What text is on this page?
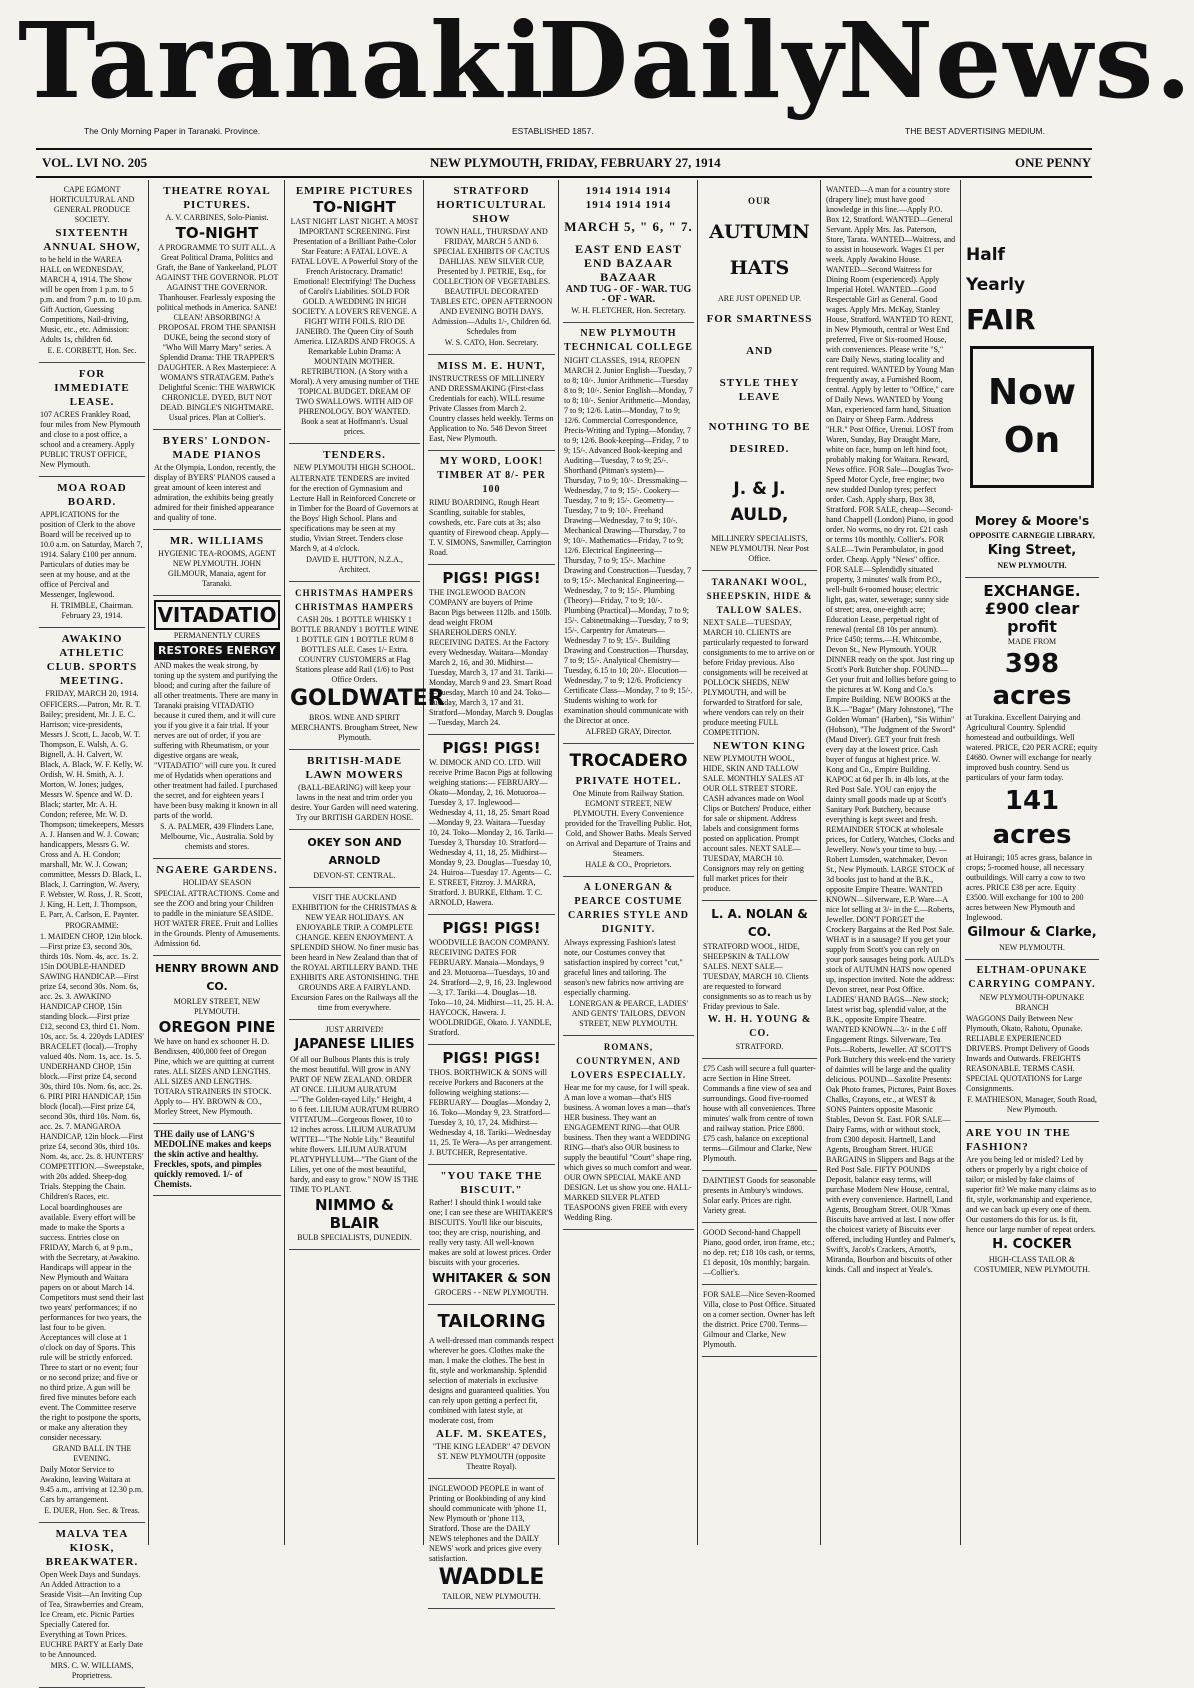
Taranaki
Daily
News.
The Only Morning Paper in Taranaki. Province.	ESTABLISHED 1857.	THE BEST ADVERTISING MEDIUM.
VOL. LVI NO. 205	NEW PLYMOUTH, FRIDAY, FEBRUARY 27, 1914	ONE PENNY

CAPE EGMONT HORTICULTURAL AND GENERAL PRODUCE SOCIETY.

SIXTEENTH ANNUAL SHOW,

to be held in the WAREA HALL on WEDNESDAY, MARCH 4, 1914. The Show will be open from 1 p.m. to 5 p.m. and from 7 p.m. to 10 p.m. Gift Auction, Guessing Competitions, Nail-driving, Music, etc., etc. Admission: Adults 1s, children 6d.

E. E. CORBETT, Hon. Sec.

FOR IMMEDIATE LEASE.

107 ACRES Frankley Road, four miles from New Plymouth and close to a post office, a school and a creamery. Apply PUBLIC TRUST OFFICE, New Plymouth.

MOA ROAD BOARD.

APPLICATIONS for the position of Clerk to the above Board will be received up to 10.0 a.m. on Saturday, March 7, 1914. Salary £100 per annum. Particulars of duties may be seen at my house, and at the office of Percival and Messenger, Inglewood.

H. TRIMBLE, Chairman. February 23, 1914.

AWAKINO ATHLETIC CLUB. SPORTS MEETING.

FRIDAY, MARCH 20, 1914.

OFFICERS.—Patron, Mr. R. T. Bailey; president, Mr. J. E. C. Harrison; vice-presidents, Messrs J. Scott, L. Jacob, W. T. Thompson, E. Walsh, A. G. Bignell, A. H. Calvert, W. Black, A. Black, W. F. Kelly, W. Ordish, W. H. Smith, A. J. Morton, W. Jones; judges, Messrs W. Spence and W. D. Black; starter, Mr. A. H. Condon; referee, Mr. W. D. Thompson; timekeepers, Messrs A. J. Hansen and W. J. Cowan; handicappers, Messrs G. W. Cross and A. H. Condon; marshall, Mr. W. J. Cowan; committee, Messrs D. Black, L. Black, J. Carrington, W. Avery, F. Webster, W. Ross, J. R. Scott, J. King, H. Lett, J. Thompson, E. Parr, A. Carlson, E. Paynter.

PROGRAMME:

1. MAIDEN CHOP, 12in block.—First prize £3, second 30s, thirds 10s. Nom. 4s, acc. 1s. 2. 15in DOUBLE-HANDED SAWING HANDICAP.—First prize £4, second 30s. Nom. 6s, acc. 2s. 3. AWAKINO HANDICAP CHOP, 15in standing block.—First prize £12, second £3, third £1. Nom. 10s, acc. 5s. 4. 220yds LADIES' BRACELET (local).—Trophy valued 40s. Nom. 1s, acc. 1s. 5. UNDERHAND CHOP, 15in block.—First prize £4, second 30s, third 10s. Nom. 6s, acc. 2s. 6. PIRI PIRI HANDICAP, 15in block (local).—First prize £4, second 30s, third 10s. Nom. 6s, acc. 2s. 7. MANGAROA HANDICAP, 12in block.—First prize £4, second 30s, third 10s. Nom. 4s, acc. 2s. 8. HUNTERS' COMPETITION.—Sweepstake, with 20s added. Sheep-dog Trials. Stepping the Chain. Children's Races, etc.

Local boardinghouses are available. Every effort will be made to make the Sports a success. Entries close on FRIDAY, March 6, at 9 p.m., with the Secretary, at Awakino. Handicaps will appear in the New Plymouth and Waitara papers on or about March 14. Competitors must send their last two years' performances; if no performances for two years, the last four to be given. Acceptances will close at 1 o'clock on day of Sports. This rule will be strictly enforced. Three to start or no event; four or no second prize; and five or no third prize. A gun will be fired five minutes before each event. The Committee reserve the right to postpone the sports, or make any alteration they consider necessary.

GRAND BALL IN THE EVENING.

Daily Motor Service to Awakino, leaving Waitara at 9.45 a.m., arriving at 12.30 p.m. Cars by arrangement.

E. DUER, Hon. Sec. & Treas.

MALVA TEA KIOSK, BREAKWATER.

Open Week Days and Sundays. An Added Attraction to a Seaside Visit—An Inviting Cup of Tea, Strawberries and Cream, Ice Cream, etc. Picnic Parties Specially Catered for. Everything at Town Prices. EUCHRE PARTY at Early Date to be Announced.

MRS. C. W. WILLIAMS, Proprietress.

THEATRE ROYAL PICTURES.

A. V. CARBINES, Solo-Pianist.

TO-NIGHT

A PROGRAMME TO SUIT ALL. A Great Political Drama, Politics and Graft, the Bane of Yankeeland, PLOT AGAINST THE GOVERNOR. PLOT AGAINST THE GOVERNOR. Thanhouser. Fearlessly exposing the political methods in America. SANE! CLEAN! ABSORBING! A PROPOSAL FROM THE SPANISH DUKE, being the second story of "Who Will Marry Mary" series. A Splendid Drama: THE TRAPPER'S DAUGHTER. A Rex Masterpiece: A WOMAN'S STRATAGEM. Pathe's Delightful Scenic: THE WARWICK CHRONICLE. DYED, BUT NOT DEAD. BINGLE'S NIGHTMARE. Usual prices. Plan at Collier's.

BYERS' LONDON-MADE PIANOS

At the Olympia, London, recently, the display of BYERS' PIANOS caused a great amount of keen interest and admiration, the exhibits being greatly admired for their finished appearance and quality of tone.

MR. WILLIAMS

HYGIENIC TEA-ROOMS, AGENT NEW PLYMOUTH. JOHN GILMOUR, Manaia, agent for Taranaki.

VITADATIO

PERMANENTLY CURES

RESTORES ENERGY

AND makes the weak strong, by toning up the system and purifying the blood; and curing after the failure of all other treatments. There are many in Taranaki praising VITADATIO because it cured them, and it will cure you if you give it a fair trial. If your nerves are out of order, if you are suffering with Rheumatism, or your digestive organs are weak, "VITADATIO" will cure you. It cured me of Hydatids when operations and other treatment had failed. I purchased the secret, and for eighteen years I have been busy making it known in all parts of the world.

S. A. PALMER, 439 Flinders Lane, Melbourne, Vic., Australia. Sold by chemists and stores.

NGAERE GARDENS.

HOLIDAY SEASON

SPECIAL ATTRACTIONS. Come and see the ZOO and bring your Children to paddle in the miniature SEASIDE. HOT WATER FREE. Fruit and Lollies in the Grounds. Plenty of Amusements. Admission 6d.

HENRY BROWN AND CO.

MORLEY STREET, NEW PLYMOUTH.

OREGON PINE

We have on hand ex schooner H. D. Bendixsen, 400,000 feet of Oregon Pine, which we are quitting at current rates. ALL SIZES AND LENGTHS. ALL SIZES AND LENGTHS. TOTARA STRAINERS IN STOCK. Apply to— HY. BROWN & CO., Morley Street, New Plymouth.

THE daily use of LANG'S MEDOLINE makes and keeps the skin active and healthy. Freckles, spots, and pimples quickly removed. 1/- of Chemists.

EMPIRE PICTURES
TO-NIGHT

LAST NIGHT LAST NIGHT. A MOST IMPORTANT SCREENING. First Presentation of a Brilliant Pathe-Color Star Feature: A FATAL LOVE. A FATAL LOVE. A Powerful Story of the French Aristocracy. Dramatic! Emotional! Electrifying! The Duchess of Caroli's Liabilities. SOLD FOR GOLD. A WEDDING IN HIGH SOCIETY. A LOVER'S REVENGE. A FIGHT WITH FOILS. RIO DE JANEIRO. The Queen City of South America. LIZARDS AND FROGS. A Remarkable Lubin Drama: A MOUNTAIN MOTHER. RETRIBUTION. (A Story with a Moral). A very amusing number of THE TOPICAL BUDGET. DREAM OF TWO SWALLOWS. WITH AID OF PHRENOLOGY. BOY WANTED. Book a seat at Hoffmann's. Usual prices.

TENDERS.

NEW PLYMOUTH HIGH SCHOOL.

ALTERNATE TENDERS are invited for the erection of Gymnasium and Lecture Hall in Reinforced Concrete or in Timber for the Board of Governors at the Boys' High School. Plans and specifications may be seen at my studio, Vivian Street. Tenders close March 9, at 4 o'clock.

DAVID E. HUTTON, N.Z.A., Architect.

CHRISTMAS HAMPERS CHRISTMAS HAMPERS

CASH 20s. 1 BOTTLE WHISKY 1 BOTTLE BRANDY 1 BOTTLE WINE 1 BOTTLE GIN 1 BOTTLE RUM 8 BOTTLES ALE. Cases 1/- Extra. COUNTRY CUSTOMERS at Flag Stations please add Rail (1/6) to Post Office Orders.

GOLDWATER

BROS. WINE AND SPIRIT MERCHANTS. Brougham Street, New Plymouth.

BRITISH-MADE LAWN MOWERS

(BALL-BEARING) will keep your lawns in the neat and trim order you desire. Your Garden will need watering. Try our BRITISH GARDEN HOSE.

OKEY SON AND ARNOLD

DEVON-ST. CENTRAL.

VISIT THE AUCKLAND EXHIBITION for the CHRISTMAS & NEW YEAR HOLIDAYS. AN ENJOYABLE TRIP. A COMPLETE CHANGE. KEEN ENJOYMENT. A SPLENDID SHOW. No finer music has been heard in New Zealand than that of the ROYAL ARTILLERY BAND. THE EXHIBITS ARE ASTONISHING. THE GROUNDS ARE A FAIRYLAND. Excursion Fares on the Railways all the time from everywhere.

JUST ARRIVED!

JAPANESE LILIES

Of all our Bulbous Plants this is truly the most beautiful. Will grow in ANY PART OF NEW ZEALAND. ORDER AT ONCE. LILIUM AURATUM—"The Golden-rayed Lily." Height, 4 to 6 feet. LILIUM AURATUM RUBRO VITTATUM—Gorgeous flower, 10 to 12 inches across. LILIUM AURATUM WITTEI—"The Noble Lily." Beautiful white flowers. LILIUM AURATUM PLATYPHYLLUM—"The Giant of the Lilies, yet one of the most beautiful, hardy, and easy to grow." NOW IS THE TIME TO PLANT.

NIMMO & BLAIR

BULB SPECIALISTS, DUNEDIN.

STRATFORD HORTICULTURAL SHOW

TOWN HALL, THURSDAY AND FRIDAY, MARCH 5 AND 6. SPECIAL EXHIBITS OF CACTUS DAHLIAS. NEW SILVER CUP, Presented by J. PETRIE, Esq., for COLLECTION OF VEGETABLES. BEAUTIFUL DECORATED TABLES ETC. OPEN AFTERNOON AND EVENING BOTH DAYS. Admission—Adults 1/-, Children 6d. Schedules from

W. S. CATO, Hon. Secretary.

MISS M. E. HUNT,

INSTRUCTRESS OF MILLINERY AND DRESSMAKING (First-class Credentials for each). WILL resume Private Classes from March 2. Country classes held weekly. Terms on Application to No. 548 Devon Street East, New Plymouth.

MY WORD, LOOK! TIMBER AT 8/- PER 100

RIMU BOARDING, Rough Heart Scantling, suitable for stables, cowsheds, etc. Fare cuts at 3s; also quantity of Firewood cheap. Apply— T. V. SIMONS, Sawmiller, Carrington Road.

PIGS! PIGS!

THE INGLEWOOD BACON COMPANY are buyers of Prime Bacon Pigs between 112lb. and 150lb. dead weight FROM SHAREHOLDERS ONLY. RECEIVING DATES. At the Factory every Wednesday. Waitara—Monday March 2, 16, and 30. Midhirst—Tuesday, March 3, 17 and 31. Tariki—Monday, March 9 and 23. Smart Road—Tuesday, March 10 and 24. Toko—Tuesday, March 3, 17 and 31. Stratford—Monday, March 9. Douglas—Tuesday, March 24.

PIGS! PIGS!

W. DIMOCK AND CO. LTD. Will receive Prime Bacon Pigs at following weighing stations:— FEBRUARY— Okato—Monday, 2, 16. Motuoroa—Tuesday 3, 17. Inglewood—Wednesday 4, 11, 18, 25. Smart Road—Monday 9, 23. Waitara—Tuesday 10, 24. Toko—Monday 2, 16. Tariki—Tuesday 3, Thursday 10. Stratford—Wednesday 4, 11, 18, 25. Midhirst—Monday 9, 23. Douglas—Tuesday 10, 24. Huiroa—Tuesday 17. Agents— C. E. STREET, Fitzroy. J. MARRA, Stratford. J. BURKE, Eltham. T. C. ARNOLD, Hawera.

PIGS! PIGS!

WOODVILLE BACON COMPANY. RECEIVING DATES FOR FEBRUARY. Manaia—Mondays, 9 and 23. Motuoroa—Tuesdays, 10 and 24. Stratford—2, 9, 16, 23. Inglewood—3, 17. Tariki—4. Douglas—18. Toko—10, 24. Midhirst—11, 25. H. A. HAYCOCK, Hawera. J. WOOLDRIDGE, Okato. J. YANDLE, Stratford.

PIGS! PIGS!

THOS. BORTHWICK & SONS will receive Porkers and Baconers at the following weighing stations:— FEBRUARY— Douglas—Monday 2, 16. Toko—Monday 9, 23. Stratford—Tuesday 3, 10, 17, 24. Midhirst—Wednesday 4, 18. Tariki—Wednesday 11, 25. Te Wera—As per arrangement. J. BUTCHER, Representative.

"YOU TAKE THE BISCUIT."

Rather! I should think I would take one; I can see these are WHITAKER'S BISCUITS. You'll like our biscuits, too; they are crisp, nourishing, and really very tasty. All well-known makes are sold at lowest prices. Order biscuits with your groceries.

WHITAKER & SON

GROCERS - - NEW PLYMOUTH.

TAILORING

A well-dressed man commands respect wherever he goes. Clothes make the man. I make the clothes. The best in fit, style and workmanship. Splendid selection of materials in exclusive designs and guaranteed qualities. You can rely upon getting a perfect fit, combined with latest style, at moderate cost, from

ALF. M. SKEATES,

"THE KING LEADER" 47 DEVON ST. NEW PLYMOUTH (opposite Theatre Royal).

INGLEWOOD PEOPLE in want of Printing or Bookbinding of any kind should communicate with 'phone 11, New Plymouth or 'phone 113, Stratford. Those are the DAILY NEWS telephones and the DAILY NEWS' work and prices give every satisfaction.

WADDLE

TAILOR, NEW PLYMOUTH.

1914 1914 1914
1914 1914 1914
MARCH 5, " 6, " 7.
EAST END EAST END BAZAAR BAZAAR

AND TUG - OF - WAR. TUG - OF - WAR.

W. H. FLETCHER, Hon. Secretary.

NEW PLYMOUTH TECHNICAL COLLEGE

NIGHT CLASSES, 1914, REOPEN MARCH 2. Junior English—Tuesday, 7 to 8; 10/-. Junior Arithmetic—Tuesday 8 to 9; 10/-. Senior English—Monday, 7 to 8; 10/-. Senior Arithmetic—Monday, 7 to 9; 12/6. Latin—Monday, 7 to 9; 12/6. Commercial Correspondence, Precis-Writing and Typing—Monday, 7 to 9; 12/6. Book-keeping—Friday, 7 to 9; 15/-. Advanced Book-keeping and Auditing—Tuesday, 7 to 9; 25/-. Shorthand (Pitman's system)—Thursday, 7 to 9; 10/-. Dressmaking—Wednesday, 7 to 9; 15/-. Cookery—Tuesday, 7 to 9; 15/-. Geometry—Tuesday, 7 to 9; 10/-. Freehand Drawing—Wednesday, 7 to 9; 10/-. Mechanical Drawing—Thursday, 7 to 9; 10/-. Mathematics—Friday, 7 to 9; 12/6. Electrical Engineering—Thursday, 7 to 9; 15/-. Machine Drawing and Construction—Tuesday, 7 to 9; 15/-. Mechanical Engineering—Wednesday, 7 to 9; 15/-. Plumbing (Theory)—Friday, 7 to 9; 10/-. Plumbing (Practical)—Monday, 7 to 9; 15/-. Cabinetmaking—Tuesday, 7 to 9; 15/-. Carpentry for Amateurs—Wednesday 7 to 9; 15/-. Building Drawing and Construction—Thursday, 7 to 9; 15/-. Analytical Chemistry—Tuesday, 6.15 to 10; 20/-. Elocution—Wednesday, 7 to 9; 12/6. Proficiency Certificate Class—Monday, 7 to 9; 15/-. Students wishing to work for examination should communicate with the Director at once.

ALFRED GRAY, Director.

TROCADERO
PRIVATE HOTEL.

One Minute from Railway Station. EGMONT STREET, NEW PLYMOUTH. Every Convenience provided for the Travelling Public. Hot, Cold, and Shower Baths. Meals Served on Arrival and Departure of Trains and Steamers.

HALE & CO., Proprietors.

A LONERGAN & PEARCE COSTUME CARRIES STYLE AND DIGNITY.

Always expressing Fashion's latest note, our Costumes convey that satisfaction inspired by correct "cut," graceful lines and tailoring. The season's new fabrics now arriving are especially charming.

LONERGAN & PEARCE, LADIES' AND GENTS' TAILORS, DEVON STREET, NEW PLYMOUTH.

ROMANS, COUNTRYMEN, AND LOVERS ESPECIALLY.

Hear me for my cause, for I will speak. A man love a woman—that's HIS business. A woman loves a man—that's HER business. They want an ENGAGEMENT RING—that OUR business. Then they want a WEDDING RING—that's also OUR business to supply the beautiful "Court" shape ring, which gives so much comfort and wear. OUR OWN SPECIAL MAKE AND DESIGN. Let us show you one. HALL-MARKED SILVER PLATED TEASPOONS given FREE with every Wedding Ring.

OUR
AUTUMN HATS

ARE JUST OPENED UP.

FOR SMARTNESS
AND
STYLE THEY LEAVE
NOTHING TO BE
DESIRED.
J. & J. AULD,

MILLINERY SPECIALISTS, NEW PLYMOUTH. Near Post Office.

TARANAKI WOOL, SHEEPSKIN, HIDE & TALLOW SALES.

NEXT SALE—TUESDAY, MARCH 10. CLIENTS are particularly requested to forward consignments to me to arrive on or before Friday previous. Also consignments will be received at POLLOCK SHEDS, NEW PLYMOUTH, and will be forwarded to Stratford for sale, where vendors can rely on their produce meeting FULL COMPETITION.

NEWTON KING

NEW PLYMOUTH WOOL, HIDE, SKIN AND TALLOW SALE. MONTHLY SALES AT OUR OLL STREET STORE. CASH advances made on Wool Clips or Butchers' Produce, either for sale or shipment. Address labels and consignment forms posted on application. Prompt account sales. NEXT SALE—TUESDAY, MARCH 10. Consignors may rely on getting full market prices for their produce.

L. A. NOLAN & CO.

STRATFORD WOOL, HIDE, SHEEPSKIN & TALLOW SALES. NEXT SALE—TUESDAY, MARCH 10. Clients are requested to forward consignments so as to reach us by Friday previous to Sale.

W. H. H. YOUNG & CO.

STRATFORD.

£75 Cash will secure a full quarter-acre Section in Hine Street. Commands a fine view of sea and surroundings. Good five-roomed house with all conveniences. Three minutes' walk from centre of town and railway station. Price £800. £75 cash, balance on exceptional terms—Gilmour and Clarke, New Plymouth.

DAINTIEST Goods for seasonable presents in Ambury's windows. Solar early. Prices are right. Variety great.

GOOD Second-hand Chappell Piano, good order, iron frame, etc.; no dep. ret; £18 10s cash, or terms, £1 deposit, 10s monthly; bargain.—Collier's.

FOR SALE—Nice Seven-Roomed Villa, close to Post Office. Situated on a corner section. Owner has left the district. Price £700. Terms—Gilmour and Clarke, New Plymouth.

WANTED—A man for a country store (drapery line); must have good knowledge in this line.—Apply P.O. Box 12, Stratford. WANTED—General Servant. Apply Mrs. Jas. Paterson, Store, Tarata. WANTED—Waitress, and to assist in housework. Wages £1 per week. Apply Awakino House. WANTED—Second Waitress for Dining Room (experienced). Apply Imperial Hotel. WANTED—Good Respectable Girl as General. Good wages. Apply Mrs. McKay, Stanley House, Stratford. WANTED TO RENT, in New Plymouth, central or West End preferred, Five or Six-roomed House, with conveniences. Please write "S," care Daily News, stating locality and rent required. WANTED by Young Man frequently away, a Furnished Room, central. Apply by letter to "Office," care of Daily News. WANTED by Young Man, experienced farm hand, Situation on Dairy or Sheep Farm. Address "H.R." Post Office, Urenui. LOST from Waren, Sunday, Bay Draught Mare, white on face, hump on left hind foot, probably making for Waitara. Reward, News office. FOR Sale—Douglas Two-Speed Motor Cycle, free engine; two new studded Dunlop tyres; perfect order. Cash. Apply sharp, Box 38, Stratford. FOR SALE, cheap—Second-hand Chappell (London) Piano, in good order. No worms, no dry rot. £21 cash or terms 10s monthly. Collier's. FOR SALE—Twin Perambulator, in good order. Cheap. Apply "News" office. FOR SALE—Splendidly situated property, 3 minutes' walk from P.O., well-built 6-roomed house; electric light, gas, water, sewerage; sunny side of street; area, one-eighth acre; Education Lease, perpetual right of renewal (rental £8 10s per annum). Price £450; terms.—H. Whitcombe, Devon St., New Plymouth. YOUR DINNER ready on the spot. Just ring up Scott's Pork Butcher shop. FOUND—Get your fruit and lollies before going to the pictures at W. Kong and Co.'s Empire Building. NEW BOOKS at the B.K.—"Bagar" (Mary Johnstone), "The Golden Woman" (Harben), "Sis Within" (Hobson), "The Judgment of the Sword" (Maud Diver). GET your fruit fresh every day at the lowest price. Cash buyer of fungus at highest price. W. Kong and Co., Empire Building. KAPOC at 6d per lb. in 4lb lots, at the Red Post Sale. YOU can enjoy the dainty small goods made up at Scott's Sanitary Pork Butchery, because everything is kept sweet and fresh. REMAINDER STOCK at wholesale prices, for Cutlery, Watches, Clocks and Jewellery. Now's your time to buy. —Robert Lumsden, watchmaker, Devon St., New Plymouth. LARGE STOCK of 3d books just to hand at the B.K., opposite Empire Theatre. WANTED KNOWN—Silverware, E.P. Ware—A nice lot selling at 3/- in the £.—Roberts, Jeweller. DON'T FORGET the Crockery Bargains at the Red Post Sale. WHAT is in a sausage? If you get your supply from Scott's you can rely on your pork sausages being pork. AULD's stock of AUTUMN HATS now opened up, inspection invited. Note the address: Devon street, near Post Office. LADIES' HAND BAGS—New stock; latest wrist bag, splendid value, at the B.K., opposite Empire Theatre. WANTED KNOWN—3/- in the £ off Engagement Rings. Silverware, Tea Pots.—Roberts, Jeweller. AT SCOTT'S Pork Butchery this week-end the variety of dainties will be large and the quality delicious. POUND—Saxolite Presents: Oak Photo frames, Pictures, Paint Boxes Chalks, Crayons, etc., at WEST & SONS Painters opposite Masonic Stables, Devon St. East. FOR SALE—Dairy Farms, with or without stock, from £300 deposit. Hartnell, Land Agents, Brougham Street. HUGE BARGAINS in Slippers and Bags at the Red Post Sale. FIFTY POUNDS Deposit, balance easy terms, will purchase Modern New House, central, with every convenience. Hartnell, Land Agents, Brougham Street. OUR 'Xmas Biscuits have arrived at last. I now offer the choicest variety of Biscuits ever offered, including Huntley and Palmer's, Swift's, Jacob's Crackers, Arnott's, Miranda, Bourbon and biscuits of other kinds. Call and inspect at Yeale's.

Half
Yearly
FAIR
Now
On
Morey & Moore's

OPPOSITE CARNEGIE LIBRARY,

King Street,

NEW PLYMOUTH.

EXCHANGE.
£900 clear profit

MADE FROM

398 acres

at Turakina. Excellent Dairying and Agricultural Country. Splendid homestead and outbuildings. Well watered. PRICE, £20 PER ACRE; equity £4680. Owner will exchange for nearly improved bush country. Send us particulars of your farm today.

141 acres

at Huirangi; 105 acres grass, balance in crops; 5-roomed house, all necessary outbuildings. Will carry a cow to two acres. PRICE £38 per acre. Equity £3500. Will exchange for 100 to 200 acres between New Plymouth and Inglewood.

Gilmour & Clarke,

NEW PLYMOUTH.

ELTHAM-OPUNAKE CARRYING COMPANY.

NEW PLYMOUTH-OPUNAKE BRANCH

WAGGONS Daily Between New Plymouth, Okato, Rahotu, Opunake. RELIABLE EXPERIENCED DRIVERS. Prompt Delivery of Goods Inwards and Outwards. FREIGHTS REASONABLE. TERMS CASH. SPECIAL QUOTATIONS for Large Consignments.

F. MATHIESON, Manager, South Road, New Plymouth.

ARE YOU IN THE FASHION?

Are you being led or misled? Led by others or properly by a right choice of tailor; or misled by fake claims of superior fit? We make many claims as to fit, style, workmanship and experience, and we can back up every one of them. Our customers do this for us. Is fit, hence our large number of repeat orders.

H. COCKER

HIGH-CLASS TAILOR & COSTUMIER, NEW PLYMOUTH.
